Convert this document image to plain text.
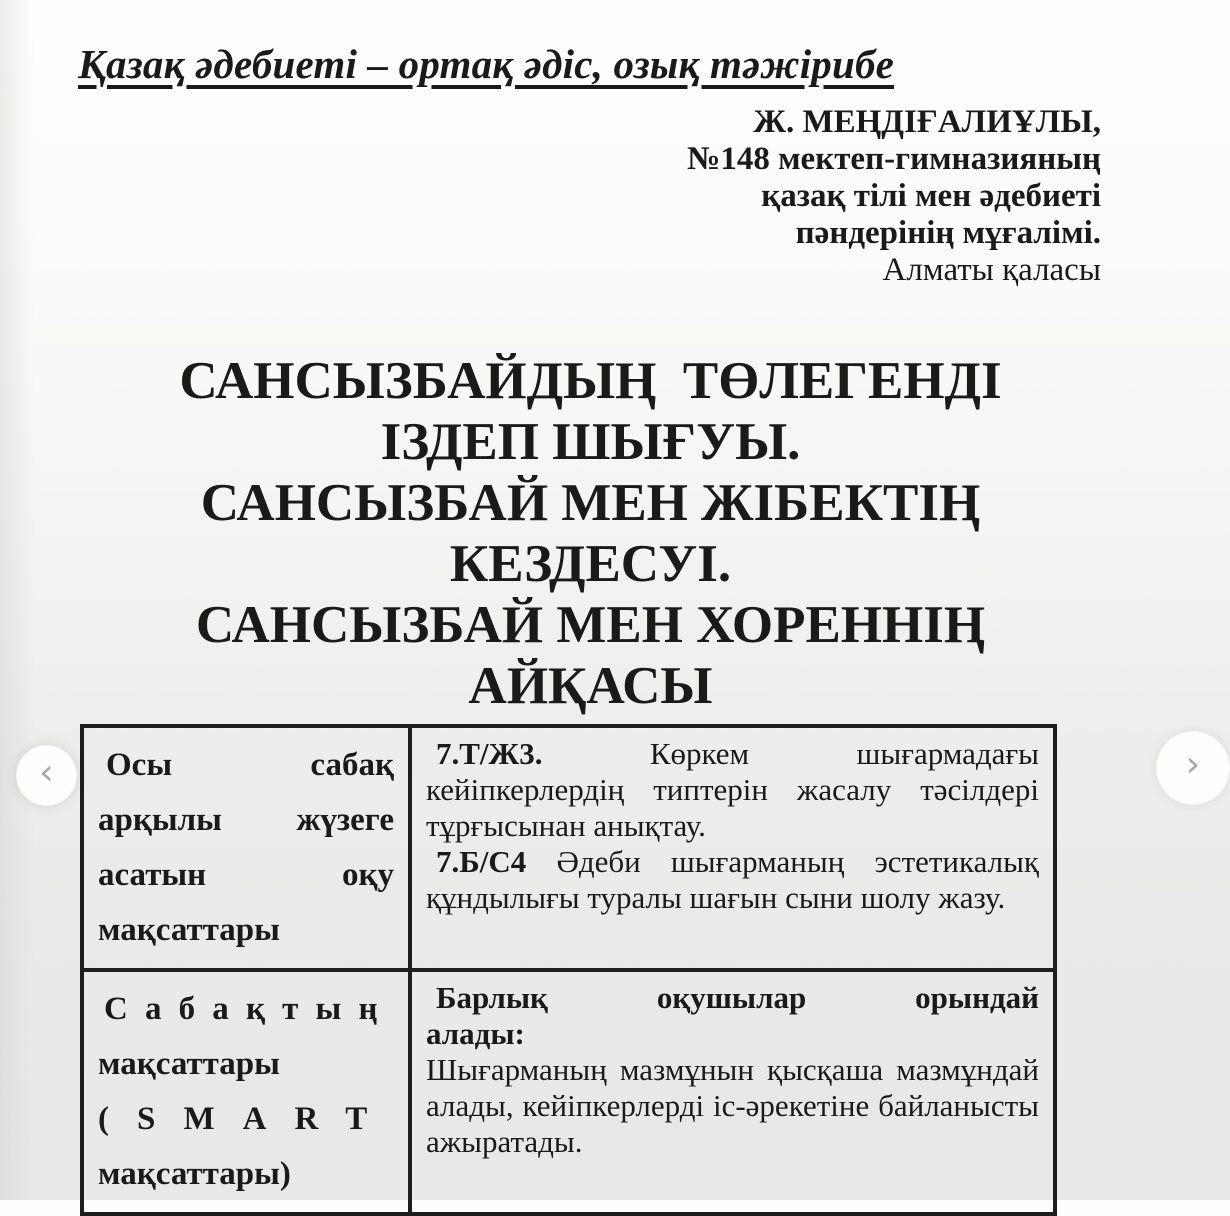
Қазақ әдебиеті – ортақ әдіс, озық тәжірибе
Ж. МЕҢДІҒАЛИҰЛЫ,
№148 мектеп-гимназияның
қазақ тілі мен әдебиеті
пәндерінің мұғалімі.
Алматы қаласы
САНСЫЗБАЙДЫҢ  ТӨЛЕГЕНДІ
ІЗДЕП ШЫҒУЫ.
САНСЫЗБАЙ МЕН ЖІБЕКТІҢ
КЕЗДЕСУІ.
САНСЫЗБАЙ МЕН ХОРЕННІҢ
АЙҚАСЫ
Осы сабақ
арқылы жүзеге
асатын оқу
мақсаттары

7.Т/Ж3.	Көркем шығармадағы кейіпкерлердің типтерін жасалу тәсілдері тұрғысынан анықтау.

7.Б/С4 Әдеби шығарманың эстетикалық құндылығы туралы шағын сыни шолу жазу.

Сабақтың
мақсаттары
(SMART
мақсаттары)
Барлық оқушылар орындай
алады:

Шығарманың мазмұнын қысқаша мазмұндай алады, кейіпкерлерді іс-әрекетіне байланысты ажыратады.

‹	›
